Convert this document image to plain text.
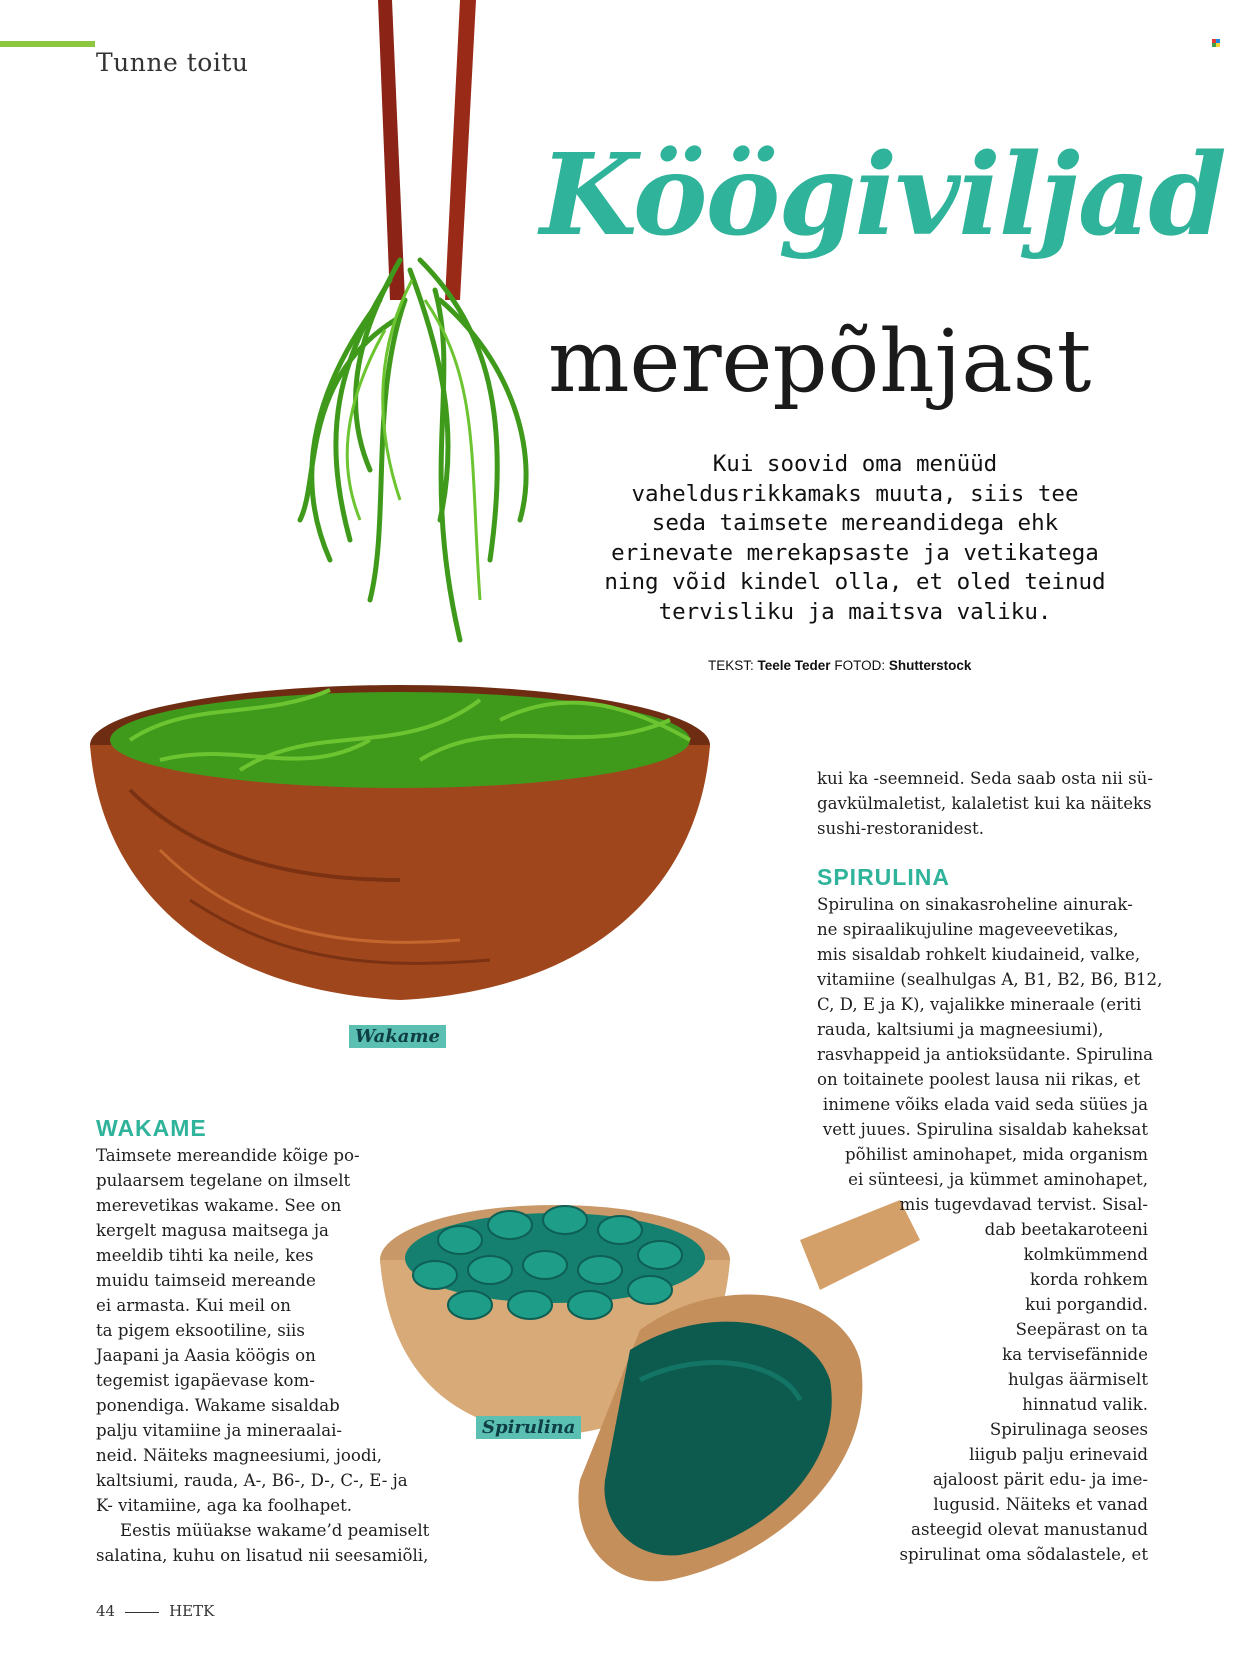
Tunne toitu
Köögiviljad
merepõhjast
Kui soovid oma menüüd
vaheldusrikkamaks muuta, siis tee
seda taimsete mereandidega ehk
erinevate merekapsaste ja vetikatega
ning võid kindel olla, et oled teinud
tervisliku ja maitsva valiku.
TEKST: Teele Teder FOTOD: Shutterstock
Wakame
Spirulina
WAKAME
Taimsete mereandide kõige po-
pulaarsem tegelane on ilmselt
merevetikas wakame. See on
kergelt magusa maitsega ja
meeldib tihti ka neile, kes
muidu taimseid mereande
ei armasta. Kui meil on
ta pigem eksootiline, siis
Jaapani ja Aasia köögis on
tegemist igapäevase kom-
ponendiga. Wakame sisaldab
palju vitamiine ja mineraalai-
neid. Näiteks magneesiumi, joodi,
kaltsiumi, rauda, A-, B6-, D-, C-, E- ja
K- vitamiine, aga ka foolhapet.
Eestis müüakse wakame’d peamiselt
salatina, kuhu on lisatud nii seesamiõli,
kui ka -seemneid. Seda saab osta nii sü-
gavkülmaletist, kalaletist kui ka näiteks
sushi-restoranidest.
SPIRULINA
Spirulina on sinakasroheline ainurak-
ne spiraalikujuline mageveevetikas,
mis sisaldab rohkelt kiudaineid, valke,
vitamiine (sealhulgas A, B1, B2, B6, B12,
C, D, E ja K), vajalikke mineraale (eriti
rauda, kaltsiumi ja magneesiumi),
rasvhappeid ja antioksüdante. Spirulina
on toitainete poolest lausa nii rikas, et
inimene võiks elada vaid seda süües ja
vett juues. Spirulina sisaldab kaheksat
põhilist aminohapet, mida organism
ei sünteesi, ja kümmet aminohapet,
mis tugevdavad tervist. Sisal-
dab beetakaroteeni
kolmkümmend
korda rohkem
kui porgandid.
Seepärast on ta
ka tervisefännide
hulgas äärmiselt
hinnatud valik.
Spirulinaga seoses
liigub palju erinevaid
ajaloost pärit edu- ja ime-
lugusid. Näiteks et vanad
asteegid olevat manustanud
spirulinat oma sõdalastele, et
44	HETK
